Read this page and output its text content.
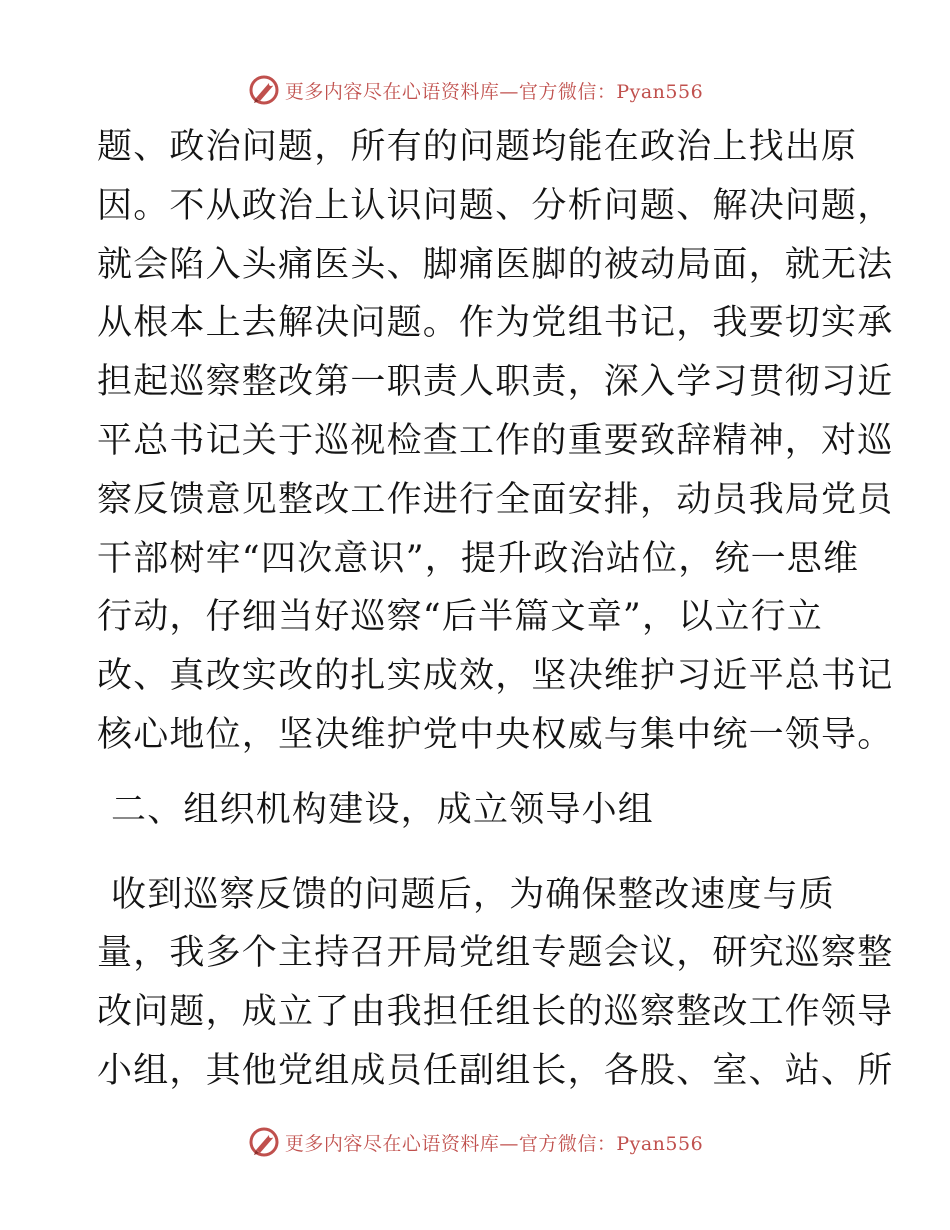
更多内容尽在心语资料库—官方微信：Pyan556
题、政治问题，所有的问题均能在政治上找出原
因。不从政治上认识问题、分析问题、解决问题，
就会陷入头痛医头、脚痛医脚的被动局面，就无法
从根本上去解决问题。作为党组书记，我要切实承
担起巡察整改第一职责人职责，深入学习贯彻习近
平总书记关于巡视检查工作的重要致辞精神，对巡
察反馈意见整改工作进行全面安排，动员我局党员
干部树牢“四次意识”，提升政治站位，统一思维
行动，仔细当好巡察“后半篇文章”，以立行立
改、真改实改的扎实成效，坚决维护习近平总书记
核心地位，坚决维护党中央权威与集中统一领导。
二、组织机构建设，成立领导小组
收到巡察反馈的问题后，为确保整改速度与质
量，我多个主持召开局党组专题会议，研究巡察整
改问题，成立了由我担任组长的巡察整改工作领导
小组，其他党组成员任副组长，各股、室、站、所
更多内容尽在心语资料库—官方微信：Pyan556
